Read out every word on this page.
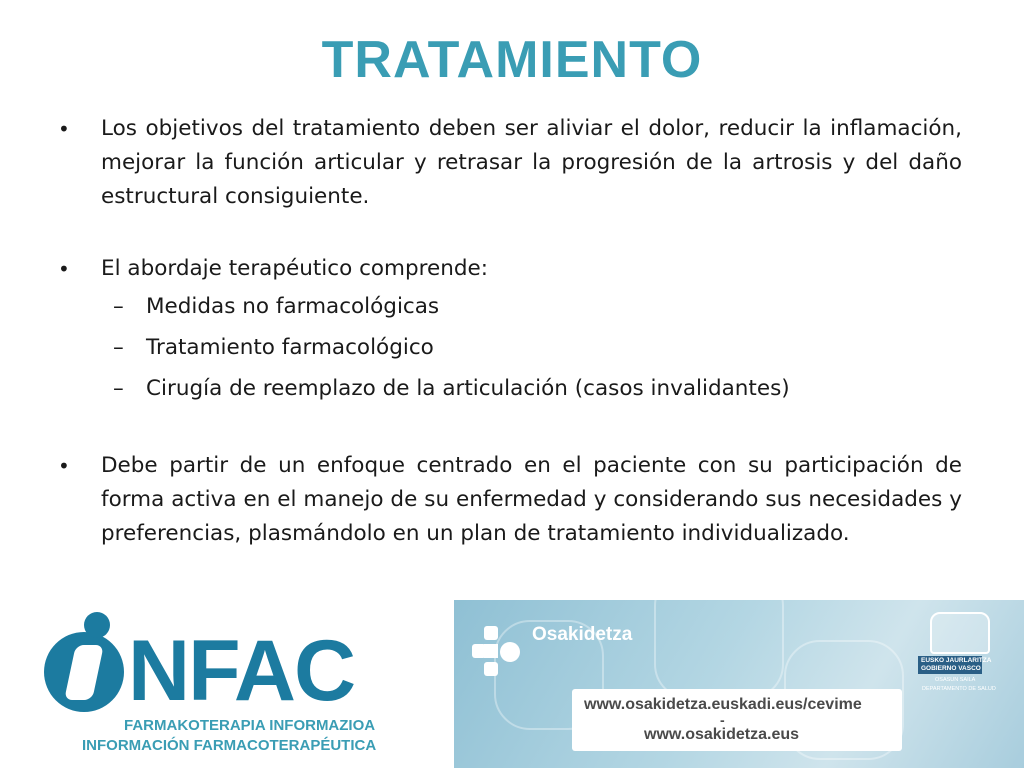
TRATAMIENTO
• Los objetivos del tratamiento deben ser aliviar el dolor, reducir la inflamación, mejorar la función articular y retrasar la progresión de la artrosis y del daño estructural consiguiente.
• El abordaje terapéutico comprende:
– Medidas no farmacológicas
– Tratamiento farmacológico
– Cirugía de reemplazo de la articulación (casos invalidantes)
• Debe partir de un enfoque centrado en el paciente con su participación de forma activa en el manejo de su enfermedad y considerando sus necesidades y preferencias, plasmándolo en un plan de tratamiento individualizado.
NFAC
FARMAKOTERAPIA INFORMAZIOA
INFORMACIÓN FARMACOTERAPÉUTICA
Osakidetza
www.osakidetza.euskadi.eus/cevime
-
www.osakidetza.eus
EUSKO JAURLARITZA
GOBIERNO VASCO
OSASUN SAILA
DEPARTAMENTO DE SALUD
